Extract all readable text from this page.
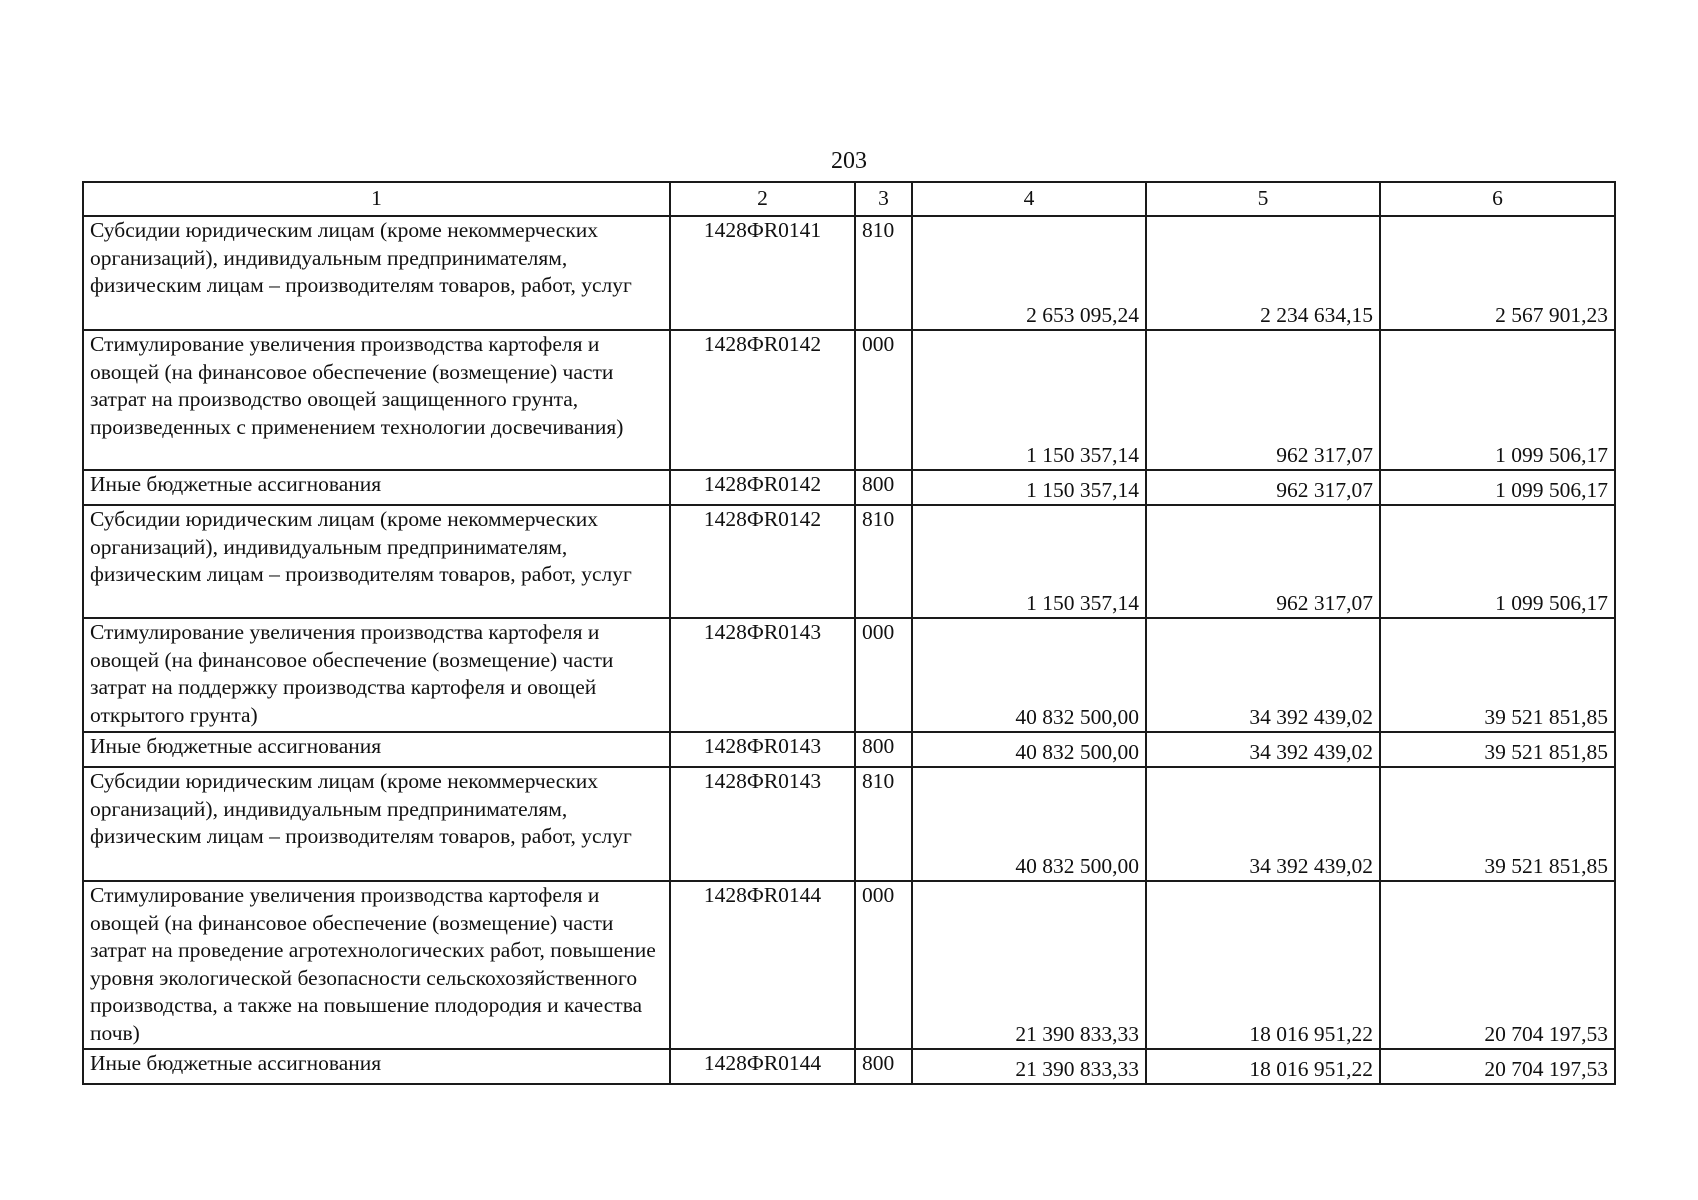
203
1	2	3	4	5	6
Субсидии юридическим лицам (кроме некоммерческих организаций), индивидуальным предпринимателям, физическим лицам – производителям товаров, работ, услуг	1428ФR0141	810	2 653 095,24	2 234 634,15	2 567 901,23
Стимулирование увеличения производства картофеля и овощей (на финансовое обеспечение (возмещение) части затрат на производство овощей защищенного грунта, произведенных с применением технологии досвечивания)	1428ФR0142	000	1 150 357,14	962 317,07	1 099 506,17
Иные бюджетные ассигнования	1428ФR0142	800	1 150 357,14	962 317,07	1 099 506,17
Субсидии юридическим лицам (кроме некоммерческих организаций), индивидуальным предпринимателям, физическим лицам – производителям товаров, работ, услуг	1428ФR0142	810	1 150 357,14	962 317,07	1 099 506,17
Стимулирование увеличения производства картофеля и овощей (на финансовое обеспечение (возмещение) части затрат на поддержку производства картофеля и овощей открытого грунта)	1428ФR0143	000	40 832 500,00	34 392 439,02	39 521 851,85
Иные бюджетные ассигнования	1428ФR0143	800	40 832 500,00	34 392 439,02	39 521 851,85
Субсидии юридическим лицам (кроме некоммерческих организаций), индивидуальным предпринимателям, физическим лицам – производителям товаров, работ, услуг	1428ФR0143	810	40 832 500,00	34 392 439,02	39 521 851,85
Стимулирование увеличения производства картофеля и овощей (на финансовое обеспечение (возмещение) части затрат на проведение агротехнологических работ, повышение уровня экологической безопасности сельскохозяйственного производства, а также на повышение плодородия и качества почв)	1428ФR0144	000	21 390 833,33	18 016 951,22	20 704 197,53
Иные бюджетные ассигнования	1428ФR0144	800	21 390 833,33	18 016 951,22	20 704 197,53
